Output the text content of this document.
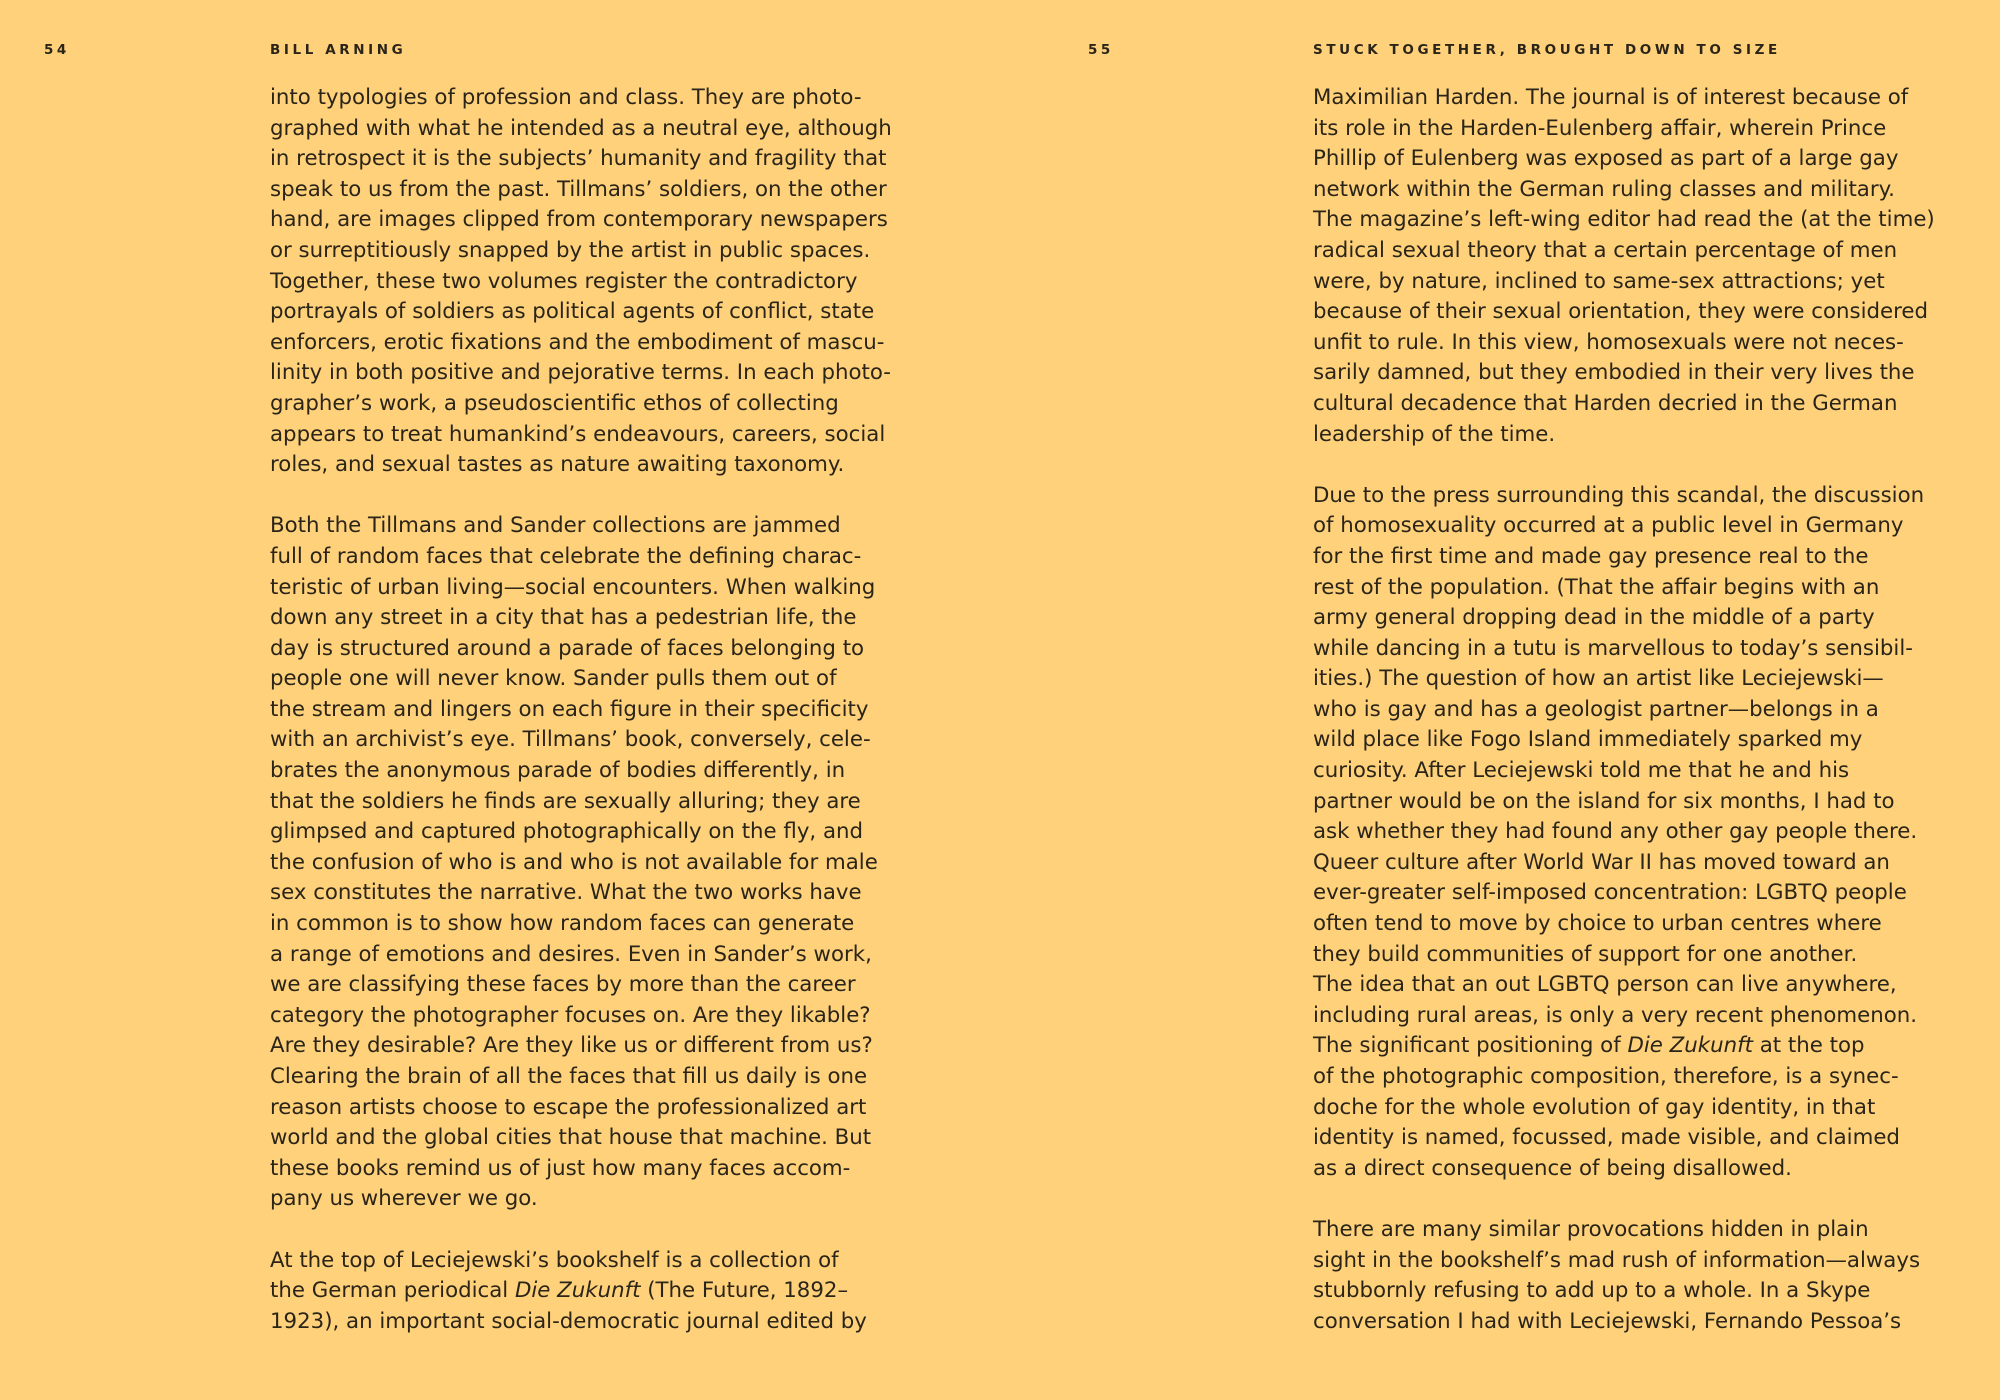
54	BILL ARNING

into typologies of profession and class. They are photo-
graphed with what he intended as a neutral eye, although
in retrospect it is the subjects’ humanity and fragility that
speak to us from the past. Tillmans’ soldiers, on the other
hand, are images clipped from contemporary newspapers
or surreptitiously snapped by the artist in public spaces.
Together, these two volumes register the contradictory
portrayals of soldiers as political agents of conflict, state
enforcers, erotic fixations and the embodiment of mascu-
linity in both positive and pejorative terms. In each photo-
grapher’s work, a pseudoscientific ethos of collecting
appears to treat humankind’s endeavours, careers, social
roles, and sexual tastes as nature awaiting taxonomy.

Both the Tillmans and Sander collections are jammed
full of random faces that celebrate the defining charac-
teristic of urban living—social encounters. When walking
down any street in a city that has a pedestrian life, the
day is structured around a parade of faces belonging to
people one will never know. Sander pulls them out of
the stream and lingers on each figure in their specificity
with an archivist’s eye. Tillmans’ book, conversely, cele-
brates the anonymous parade of bodies differently, in
that the soldiers he finds are sexually alluring; they are
glimpsed and captured photographically on the fly, and
the confusion of who is and who is not available for male
sex constitutes the narrative. What the two works have
in common is to show how random faces can generate
a range of emotions and desires. Even in Sander’s work,
we are classifying these faces by more than the career
category the photographer focuses on. Are they likable?
Are they desirable? Are they like us or different from us?
Clearing the brain of all the faces that fill us daily is one
reason artists choose to escape the professionalized art
world and the global cities that house that machine. But
these books remind us of just how many faces accom-
pany us wherever we go.

At the top of Leciejewski’s bookshelf is a collection of
the German periodical Die Zukunft (The Future, 1892–
1923), an important social-democratic journal edited by

55	STUCK TOGETHER, BROUGHT DOWN TO SIZE

Maximilian Harden. The journal is of interest because of
its role in the Harden-Eulenberg affair, wherein Prince
Phillip of Eulenberg was exposed as part of a large gay
network within the German ruling classes and military.
The magazine’s left-wing editor had read the (at the time)
radical sexual theory that a certain percentage of men
were, by nature, inclined to same-sex attractions; yet
because of their sexual orientation, they were considered
unfit to rule. In this view, homosexuals were not neces-
sarily damned, but they embodied in their very lives the
cultural decadence that Harden decried in the German
leadership of the time.

Due to the press surrounding this scandal, the discussion
of homosexuality occurred at a public level in Germany
for the first time and made gay presence real to the
rest of the population. (That the affair begins with an
army general dropping dead in the middle of a party
while dancing in a tutu is marvellous to today’s sensibil-
ities.) The question of how an artist like Leciejewski—
who is gay and has a geologist partner—belongs in a
wild place like Fogo Island immediately sparked my
curiosity. After Leciejewski told me that he and his
partner would be on the island for six months, I had to
ask whether they had found any other gay people there.
Queer culture after World War II has moved toward an
ever-greater self-imposed concentration: LGBTQ people
often tend to move by choice to urban centres where
they build communities of support for one another.
The idea that an out LGBTQ person can live anywhere,
including rural areas, is only a very recent phenomenon.
The significant positioning of Die Zukunft at the top
of the photographic composition, therefore, is a synec-
doche for the whole evolution of gay identity, in that
identity is named, focussed, made visible, and claimed
as a direct consequence of being disallowed.

There are many similar provocations hidden in plain
sight in the bookshelf’s mad rush of information—always
stubbornly refusing to add up to a whole. In a Skype
conversation I had with Leciejewski, Fernando Pessoa’s
